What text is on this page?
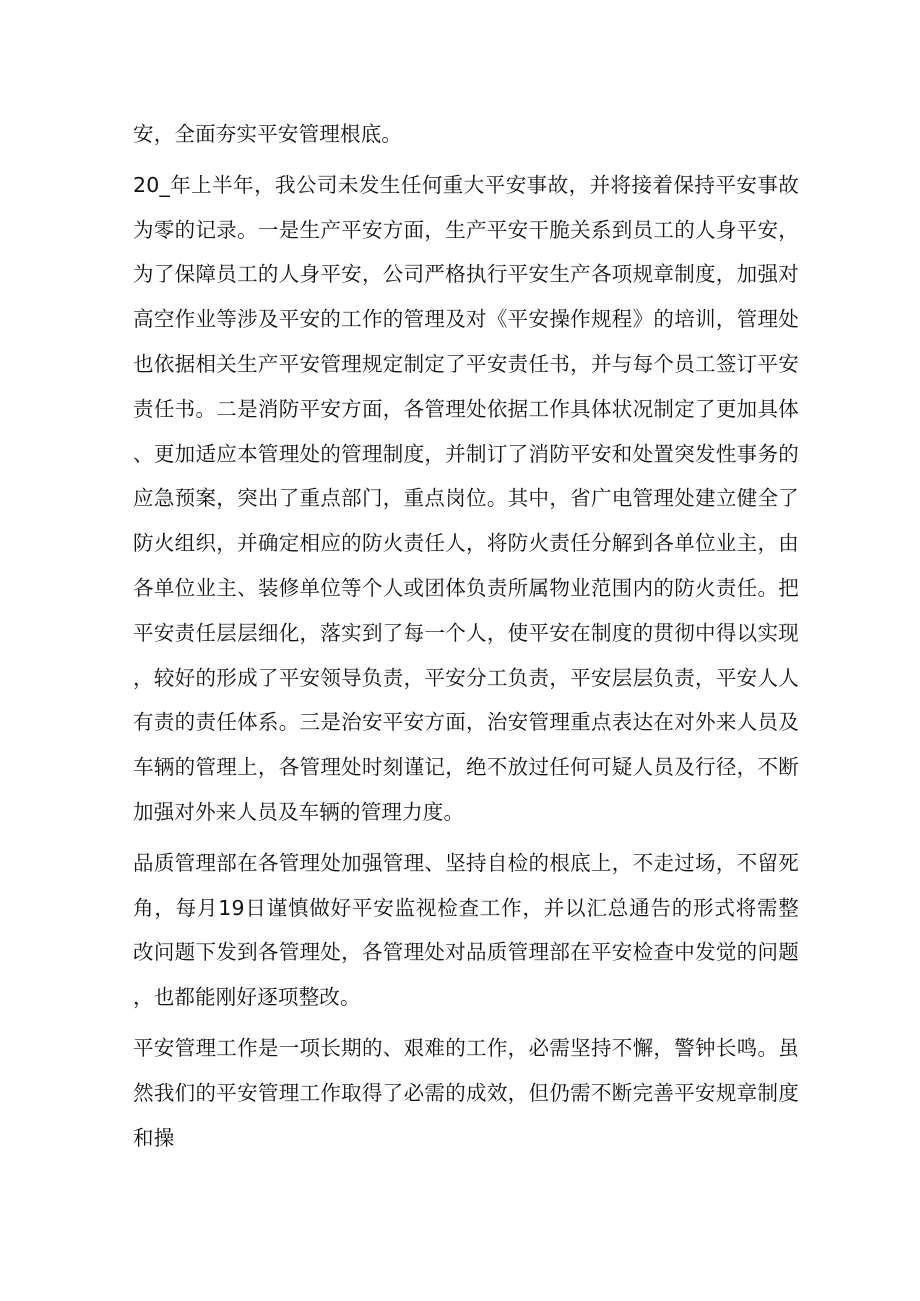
安，全面夯实平安管理根底。

20_年上半年，我公司未发生任何重大平安事故，并将接着保持平安事故为零的记录。一是生产平安方面，生产平安干脆关系到员工的人身平安，为了保障员工的人身平安，公司严格执行平安生产各项规章制度，加强对高空作业等涉及平安的工作的管理及对《平安操作规程》的培训，管理处也依据相关生产平安管理规定制定了平安责任书，并与每个员工签订平安责任书。二是消防平安方面，各管理处依据工作具体状况制定了更加具体、更加适应本管理处的管理制度，并制订了消防平安和处置突发性事务的应急预案，突出了重点部门，重点岗位。其中，省广电管理处建立健全了防火组织，并确定相应的防火责任人，将防火责任分解到各单位业主，由各单位业主、装修单位等个人或团体负责所属物业范围内的防火责任。把平安责任层层细化，落实到了每一个人，使平安在制度的贯彻中得以实现，较好的形成了平安领导负责，平安分工负责，平安层层负责，平安人人有责的责任体系。三是治安平安方面，治安管理重点表达在对外来人员及车辆的管理上，各管理处时刻谨记，绝不放过任何可疑人员及行径，不断加强对外来人员及车辆的管理力度。

品质管理部在各管理处加强管理、坚持自检的根底上，不走过场，不留死角，每月19日谨慎做好平安监视检查工作，并以汇总通告的形式将需整改问题下发到各管理处，各管理处对品质管理部在平安检查中发觉的问题，也都能刚好逐项整改。

平安管理工作是一项长期的、艰难的工作，必需坚持不懈，警钟长鸣。虽然我们的平安管理工作取得了必需的成效，但仍需不断完善平安规章制度和操
